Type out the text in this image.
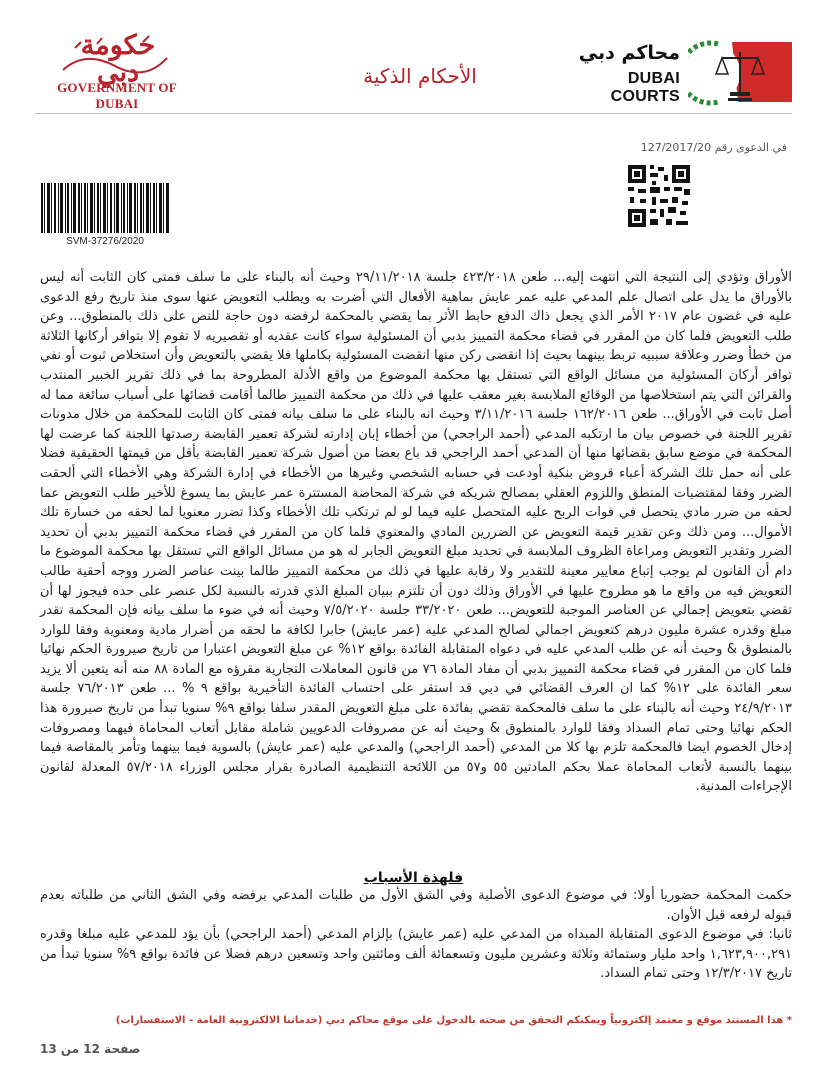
حكومة دبي
GOVERNMENT OF DUBAI
الأحكام الذكية
محاكم دبي
DUBAI COURTS
في الدعوى رقم 127/2017/20
SVM-37276/2020
الأوراق وتؤدي إلى النتيجة التي انتهت إليه... طعن ٤٢٣/٢٠١٨ جلسة ٢٩/١١/٢٠١٨ وحيث أنه بالبناء على ما سلف فمتى كان الثابت أنه ليس بالأوراق ما يدل على اتصال علم المدعي عليه عمر عايش بماهية الأفعال التي أضرت به ويطلب التعويض عنها سوى منذ تاريخ رفع الدعوى عليه في غضون عام ٢٠١٧ الأمر الذي يجعل ذاك الدفع حابط الأثر بما يقضي بالمحكمة لرفضه دون حاجة للنص على ذلك بالمنطوق... وعن طلب التعويض فلما كان من المقرر في قضاء محكمة التمييز بدبي أن المسئولية سواء كانت عقديه أو تقصيريه لا تقوم إلا بتوافر أركانها الثلاثة من خطأ وضرر وعلاقة سببيه تربط بينهما بحيث إذا انقضى ركن منها انقضت المسئولية بكاملها فلا يقضي بالتعويض وأن استخلاص ثبوت أو نفي توافر أركان المسئولية من مسائل الواقع التي تستقل بها محكمة الموضوع من واقع الأدلة المطروحة بما في ذلك تقرير الخبير المنتدب والقرائن التي يتم استخلاصها من الوقائع الملابسة بغير معقب عليها في ذلك من محكمة التمييز طالما أقامت قضائها على أسباب سائغة مما له أصل ثابت في الأوراق... طعن ١٦٢/٢٠١٦ جلسة ٣/١١/٢٠١٦ وحيث انه بالبناء على ما سلف بيانه فمتى كان الثابت للمحكمة من خلال مدونات تقرير اللجنة في خصوص بيان ما ارتكبه المدعي (أحمد الراجحي) من أخطاء إبان إدارته لشركة تعمير القابضة رصدتها اللجنة كما عرضت لها المحكمة في موضع سابق بقضائها منها أن المدعي أحمد الراجحي قد باع بعضا من أصول شركة تعمير القابضة بأقل من قيمتها الحقيقية فضلا على أنه حمل تلك الشركة أعباء قروض بنكية أودعت في حسابه الشخصي وغيرها من الأخطاء في إدارة الشركة وهي الأخطاء التي ألحقت الضرر وفقا لمقتضيات المنطق واللزوم العقلي بمصالح شريكه في شركة المحاصة المستترة عمر عايش بما يسوغ للأخير طلب التعويض عما لحقه من ضرر مادي يتحصل في فوات الربح عليه المتحصل عليه فيما لو لم ترتكب تلك الأخطاء وكذا تضرر معنويا لما لحقه من خسارة تلك الأموال... ومن ذلك وعن تقدير قيمة التعويض عن الضررين المادي والمعنوي فلما كان من المقرر في قضاء محكمة التمييز بدبي أن تحديد الضرر وتقدير التعويض ومراعاة الظروف الملابسة في تحديد مبلغ التعويض الجابر له هو من مسائل الواقع التي تستقل بها محكمة الموضوع ما دام أن القانون لم يوجب إتباع معايير معينة للتقدير ولا رقابة عليها في ذلك من محكمة التمييز طالما بينت عناصر الضرر ووجه أحقية طالب التعويض فيه من واقع ما هو مطروح عليها في الأوراق وذلك دون أن تلتزم ببيان المبلغ الذي قدرته بالنسبة لكل عنصر على حده فيجوز لها أن تقضي بتعويض إجمالي عن العناصر الموجبة للتعويض... طعن ٣٣/٢٠٢٠ جلسة ٧/٥/٢٠٢٠ وحيث أنه في ضوء ما سلف بيانه فإن المحكمة تقدر مبلغ وقدره عشرة مليون درهم كتعويض اجمالي لصالح المدعي عليه (عمر عايش) جابرا لكافة ما لحقه من أضرار مادية ومعنوية وفقا للوارد بالمنطوق & وحيث أنه عن طلب المدعي عليه في دعواه المتقابلة الفائدة بواقع ١٢% عن مبلغ التعويض اعتبارا من تاريخ صيرورة الحكم نهائيا فلما كان من المقرر في قضاء محكمة التمييز بدبي أن مفاد المادة ٧٦ من قانون المعاملات التجارية مقرؤه مع المادة ٨٨ منه أنه يتعين ألا يزيد سعر الفائدة على ١٢% كما ان العرف القضائي في دبي قد استقر على احتساب الفائدة التأخيرية بواقع ٩ % ... طعن ٧٦/٢٠١٣ جلسة ٢٤/٩/٢٠١٣ وحيث أنه بالبناء على ما سلف فالمحكمة تقضي بفائدة على مبلغ التعويض المقدر سلفا بواقع ٩% سنويا تبدأ من تاريخ صيرورة هذا الحكم نهائيا وحتى تمام السداد وفقا للوارد بالمنطوق & وحيث أنه عن مصروفات الدعويين شاملة مقابل أتعاب المحاماة فيهما ومصروفات إدخال الخصوم ايضا فالمحكمة تلزم بها كلا من المدعي (أحمد الراجحي) والمدعي عليه (عمر عايش) بالسوية فيما بينهما وتأمر بالمقاصة فيما بينهما بالنسبة لأتعاب المحاماة عملا بحكم المادتين ٥٥ و٥٧ من اللائحة التنظيمية الصادرة بقرار مجلس الوزراء ٥٧/٢٠١٨ المعدلة لقانون الإجراءات المدنية.
فلهذة الأسباب

حكمت المحكمة حضوريا أولا: في موضوع الدعوى الأصلية وفي الشق الأول من طلبات المدعي برفضه وفي الشق الثاني من طلباته بعدم قبوله لرفعه قبل الأوان.

ثانيا: في موضوع الدعوى المتقابلة المبداه من المدعي عليه (عمر عايش) بإلزام المدعي (أحمد الراجحي) بأن يؤد للمدعي عليه مبلغا وقدره ١,٦٢٣,٩٠٠,٢٩١ واحد مليار وستمائة وثلاثة وعشرين مليون وتسعمائة ألف ومائتين واحد وتسعين درهم فضلا عن فائدة بواقع ٩% سنويا تبدأ من تاريخ ١٢/٣/٢٠١٧ وحتى تمام السداد.

* هذا المستند موقع و معتمد إلكترونياً ويمكنكم التحقق من صحته بالدخول على موقع محاكم دبي (خدماتنا الالكترونية العامة - الاستفسارات)
صفحة 12 من 13
